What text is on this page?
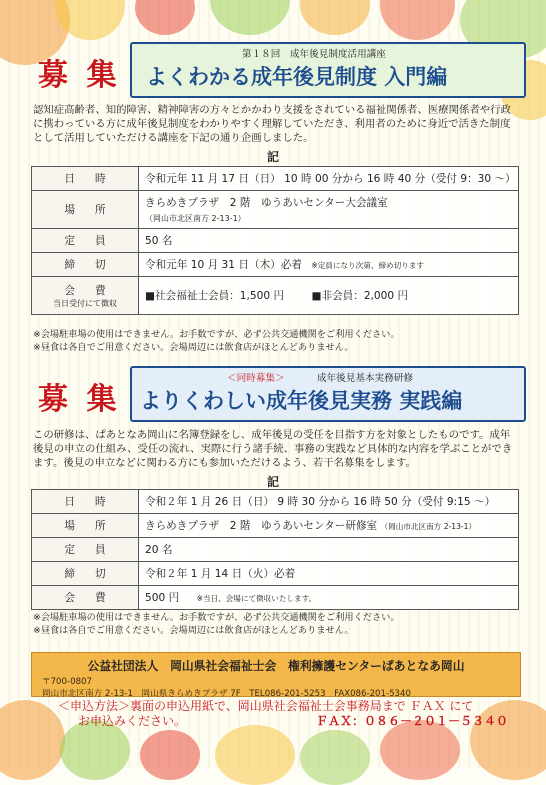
募 集
第１８回　成年後見制度活用講座
よくわかる成年後見制度 入門編
認知症高齢者、知的障害、精神障害の方々とかかわり支援をされている福祉関係者、医療関係者や行政に携わっている方に成年後見制度をわかりやすく理解していただき、利用者のために身近で活きた制度として活用していただける講座を下記の通り企画しました。
記
日時	令和元年 11 月 17 日（日） 10 時 00 分から 16 時 40 分（受付 9：30 ～）
場所	きらめきプラザ　2 階　ゆうあいセンター大会議室
（岡山市北区南方 2-13-1）

定員	50 名
締切	令和元年 10 月 31 日（木）必着 ※定員になり次第、締め切ります

会費
当日受付にて徴収	■社会福祉士会員：1,500 円 ■非会員：2,000 円
※会場駐車場の使用はできません。お手数ですが、必ず公共交通機関をご利用ください。
※昼食は各自でご用意ください。会場周辺には飲食店がほとんどありません。
募 集
＜同時募集＞	成年後見基本実務研修
よりくわしい成年後見実務 実践編
この研修は、ぱあとなあ岡山に名簿登録をし、成年後見の受任を目指す方を対象としたものです。成年後見の申立の仕組み、受任の流れ、実際に行う諸手続、事務の実践など具体的な内容を学ぶことができます。後見の申立などに関わる方にも参加いただけるよう、若干名募集をします。
記
日時	令和２年 1 月 26 日（日） 9 時 30 分から 16 時 50 分（受付 9:15 ～）
場所	きらめきプラザ　2 階　ゆうあいセンター研修室 （岡山市北区南方 2-13-1）
定員	20 名
締切	令和２年 1 月 14 日（火）必着
会費	500 円 ※当日、会場にて徴収いたします。
※会場駐車場の使用はできません。お手数ですが、必ず公共交通機関をご利用ください。
※昼食は各自でご用意ください。会場周辺には飲食店がほとんどありません。
公益社団法人　岡山県社会福祉士会　権利擁護センターぱあとなあ岡山
〒700-0807
岡山市北区南方 2-13-1　岡山県きらめきプラザ 7F　TEL086-201-5253　FAX086-201-5340
＜申込方法＞裏面の申込用紙で、岡山県社会福祉士会事務局まで ＦＡＸ にて
お申込みください。	ＦＡＸ：０８６－２０１－５３４０
